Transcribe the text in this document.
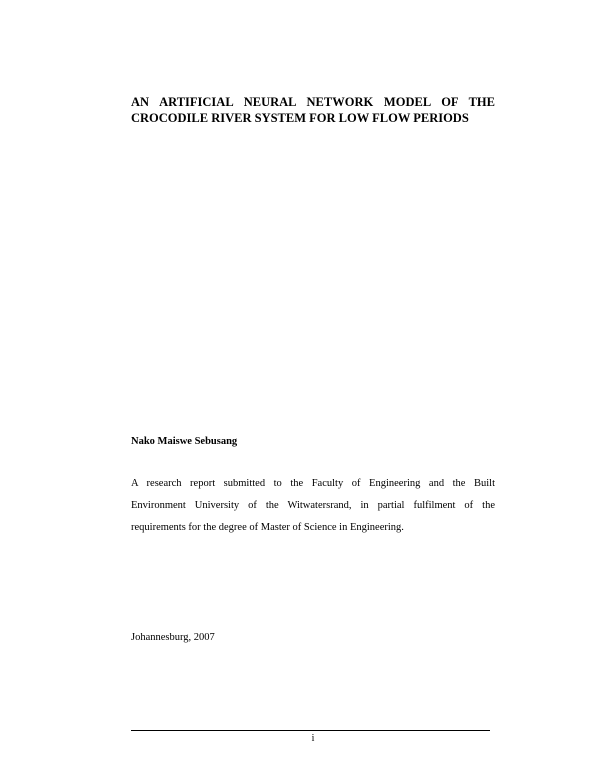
AN ARTIFICIAL NEURAL NETWORK MODEL OF THE
CROCODILE RIVER SYSTEM FOR LOW FLOW PERIODS

Nako Maiswe Sebusang

A research report submitted to the Faculty of Engineering and the Built
Environment University of the Witwatersrand, in partial fulfilment of the
requirements for the degree of Master of Science in Engineering.

Johannesburg, 2007

i
